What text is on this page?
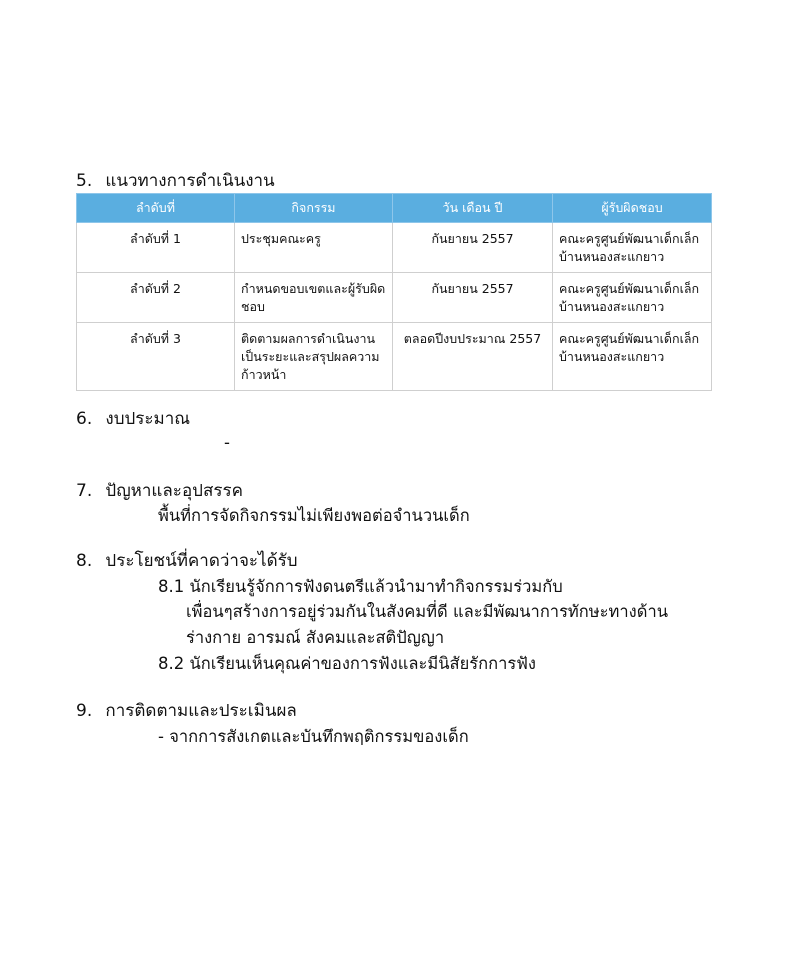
5. แนวทางการดำเนินงาน
ลำดับที่	กิจกรรม	วัน เดือน ปี	ผู้รับผิดชอบ
ลำดับที่ 1	ประชุมคณะครู	กันยายน 2557	คณะครูศูนย์พัฒนาเด็กเล็กบ้านหนองสะแกยาว
ลำดับที่ 2	กำหนดขอบเขตและผู้รับผิดชอบ	กันยายน 2557	คณะครูศูนย์พัฒนาเด็กเล็กบ้านหนองสะแกยาว
ลำดับที่ 3	ติดตามผลการดำเนินงานเป็นระยะและสรุปผลความก้าวหน้า	ตลอดปีงบประมาณ 2557	คณะครูศูนย์พัฒนาเด็กเล็กบ้านหนองสะแกยาว
6. งบประมาณ
-
7. ปัญหาและอุปสรรค
พื้นที่การจัดกิจกรรมไม่เพียงพอต่อจำนวนเด็ก
8. ประโยชน์ที่คาดว่าจะได้รับ
8.1 นักเรียนรู้จักการฟังดนตรีแล้วนำมาทำกิจกรรมร่วมกับ
เพื่อนๆสร้างการอยู่ร่วมกันในสังคมที่ดี และมีพัฒนาการทักษะทางด้าน
ร่างกาย อารมณ์ สังคมและสติปัญญา
8.2 นักเรียนเห็นคุณค่าของการฟังและมีนิสัยรักการฟัง
9. การติดตามและประเมินผล
- จากการสังเกตและบันทึกพฤติกรรมของเด็ก
